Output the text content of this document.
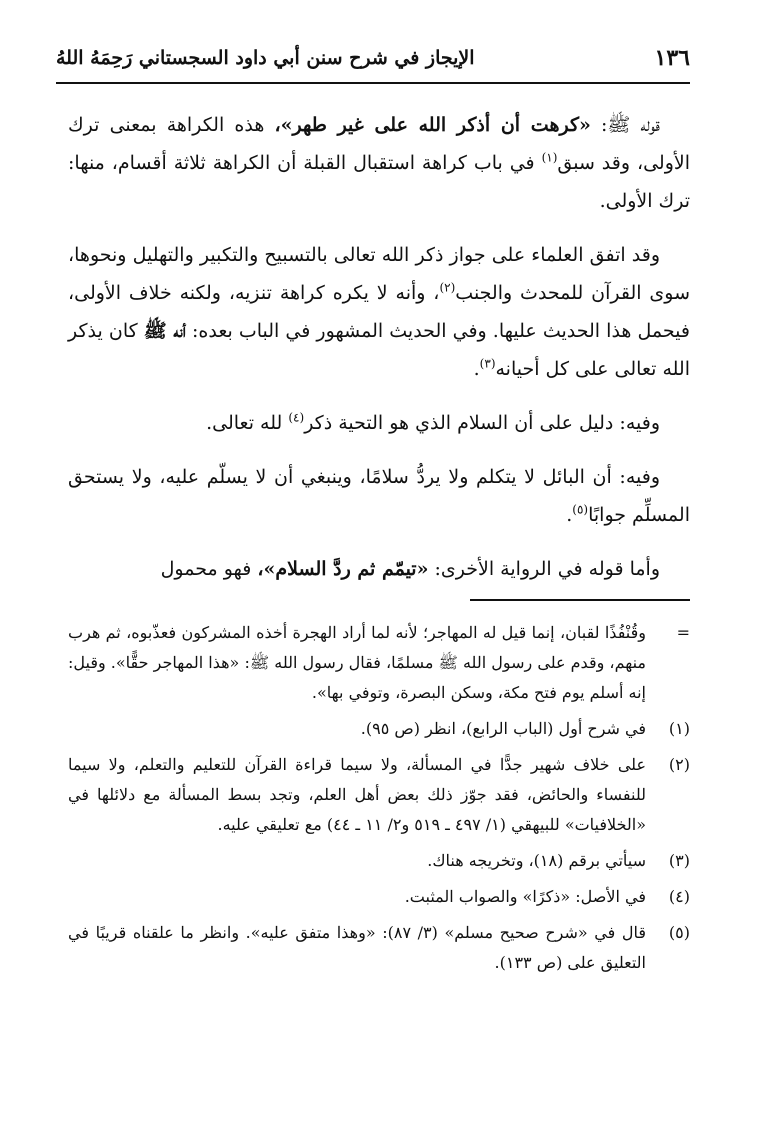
١٣٦
الإيجاز في شرح سنن أبي داود السجستاني رَحِمَهُ اللهُ

قوله ﷺ: «كرهت أن أذكر الله على غير طهر»، هذه الكراهة بمعنى ترك الأولى، وقد سبق$^{(١)}$ في باب كراهة استقبال القبلة أن الكراهة ثلاثة أقسام، منها: ترك الأولى.

وقد اتفق العلماء على جواز ذكر الله تعالى بالتسبيح والتكبير والتهليل ونحوها، سوى القرآن للمحدث والجنب$^{(٢)}$، وأنه لا يكره كراهة تنزيه، ولكنه خلاف الأولى، فيحمل هذا الحديث عليها. وفي الحديث المشهور في الباب بعده: أنه ﷺ كان يذكر الله تعالى على كل أحيانه$^{(٣)}$.

وفيه: دليل على أن السلام الذي هو التحية ذكر$^{(٤)}$ لله تعالى.

وفيه: أن البائل لا يتكلم ولا يردُّ سلامًا، وينبغي أن لا يسلّم عليه، ولا يستحق المسلِّم جوابًا$^{(٥)}$.

وأما قوله في الرواية الأخرى: «تيمّم ثم ردَّ السلام»، فهو محمول

=
وقُنْفُذًا لقبان، إنما قيل له المهاجر؛ لأنه لما أراد الهجرة أخذه المشركون فعذّبوه، ثم هرب منهم، وقدم على رسول الله ﷺ مسلمًا، فقال رسول الله ﷺ: «هذا المهاجر حقًّا». وقيل: إنه أسلم يوم فتح مكة، وسكن البصرة، وتوفي بها».
(١)
في شرح أول (الباب الرابع)، انظر (ص ٩٥).
(٢)
على خلاف شهير جدًّا في المسألة، ولا سيما قراءة القرآن للتعليم والتعلم، ولا سيما للنفساء والحائض، فقد جوّز ذلك بعض أهل العلم، وتجد بسط المسألة مع دلائلها في «الخلافيات» للبيهقي (١/ ٤٩٧ ـ ٥١٩ و٢/ ١١ ـ ٤٤) مع تعليقي عليه.
(٣)
سيأتي برقم (١٨)، وتخريجه هناك.
(٤)
في الأصل: «ذكرًا» والصواب المثبت.
(٥)
قال في «شرح صحيح مسلم» (٣/ ٨٧): «وهذا متفق عليه». وانظر ما علقناه قريبًا في التعليق على (ص ١٣٣).
